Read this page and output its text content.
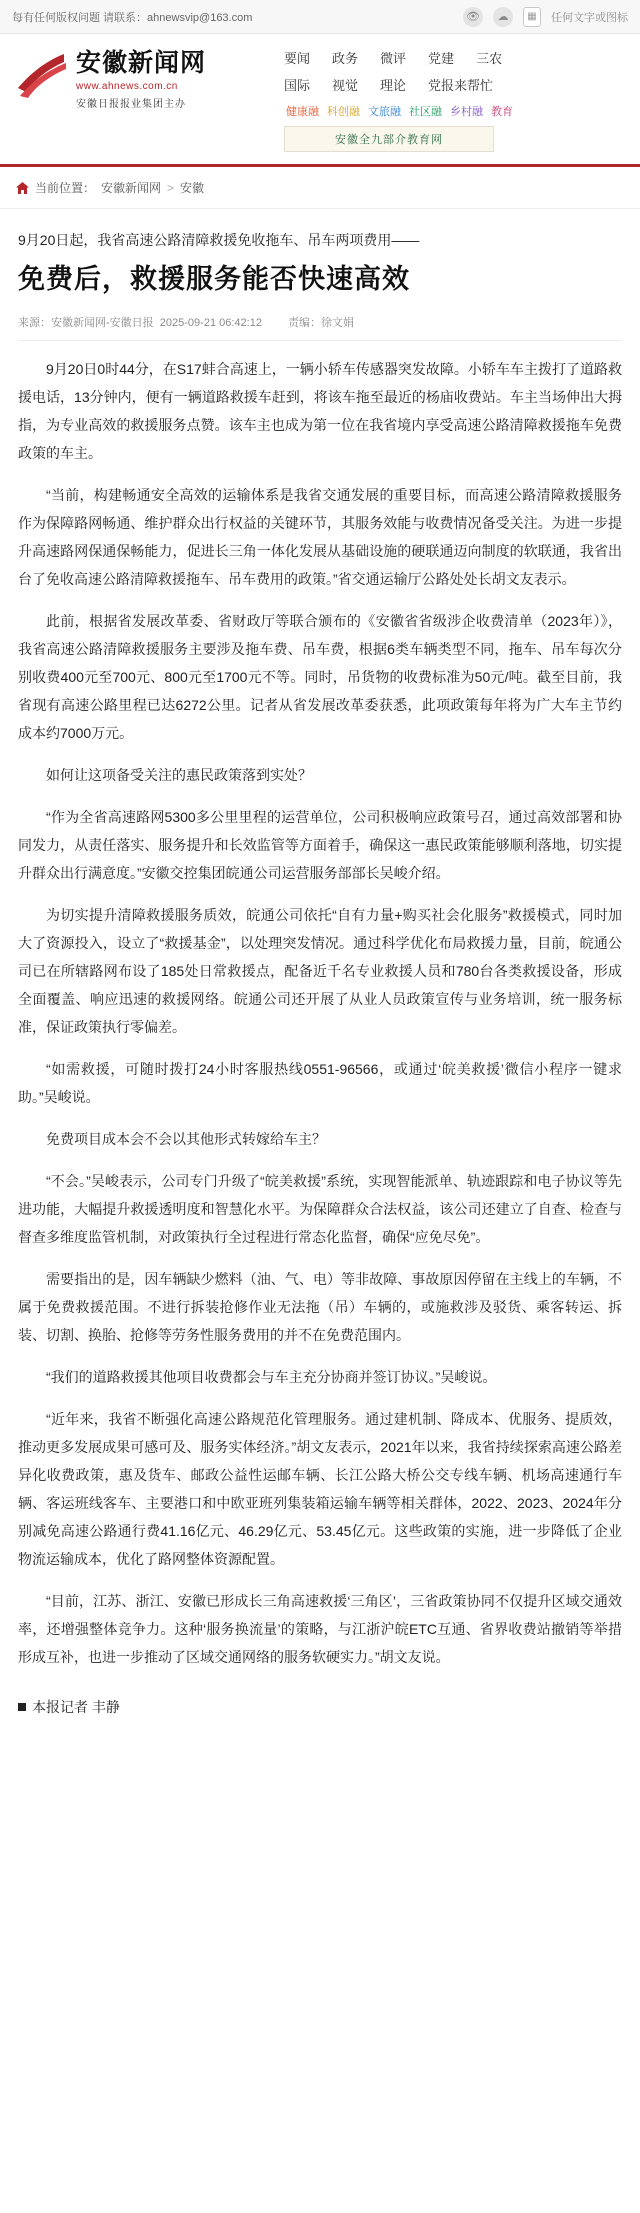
每有任何版权问题 请联系：ahnewsvip@163.com	👁	☁	▦	任何文字或图标
安徽新闻网
www.ahnews.com.cn
安徽日报报业集团主办
要闻 政务 微评 党建 三农
国际 视觉 理论 党报来帮忙
健康融 科创融 文旅融 社区融 乡村融 教育
安徽全九部介教育网
当前位置： 安徽新闻网 > 安徽
9月20日起，我省高速公路清障救援免收拖车、吊车两项费用——
免费后，救援服务能否快速高效
来源：安徽新闻网-安徽日报 2025-09-21 06:42:12 责编：徐文娟

9月20日0时44分，在S17蚌合高速上，一辆小轿车传感器突发故障。小轿车车主拨打了道路救援电话，13分钟内，便有一辆道路救援车赶到，将该车拖至最近的杨庙收费站。车主当场伸出大拇指，为专业高效的救援服务点赞。该车主也成为第一位在我省境内享受高速公路清障救援拖车免费政策的车主。

“当前，构建畅通安全高效的运输体系是我省交通发展的重要目标，而高速公路清障救援服务作为保障路网畅通、维护群众出行权益的关键环节，其服务效能与收费情况备受关注。为进一步提升高速路网保通保畅能力，促进长三角一体化发展从基础设施的硬联通迈向制度的软联通，我省出台了免收高速公路清障救援拖车、吊车费用的政策。”省交通运输厅公路处处长胡文友表示。

此前，根据省发展改革委、省财政厅等联合颁布的《安徽省省级涉企收费清单（2023年）》，我省高速公路清障救援服务主要涉及拖车费、吊车费，根据6类车辆类型不同，拖车、吊车每次分别收费400元至700元、800元至1700元不等。同时，吊货物的收费标准为50元/吨。截至目前，我省现有高速公路里程已达6272公里。记者从省发展改革委获悉，此项政策每年将为广大车主节约成本约7000万元。

如何让这项备受关注的惠民政策落到实处？

“作为全省高速路网5300多公里里程的运营单位，公司积极响应政策号召，通过高效部署和协同发力，从责任落实、服务提升和长效监管等方面着手，确保这一惠民政策能够顺利落地，切实提升群众出行满意度。”安徽交控集团皖通公司运营服务部部长吴峻介绍。

为切实提升清障救援服务质效，皖通公司依托“自有力量+购买社会化服务”救援模式，同时加大了资源投入，设立了“救援基金”，以处理突发情况。通过科学优化布局救援力量，目前，皖通公司已在所辖路网布设了185处日常救援点，配备近千名专业救援人员和780台各类救援设备，形成全面覆盖、响应迅速的救援网络。皖通公司还开展了从业人员政策宣传与业务培训，统一服务标准，保证政策执行零偏差。

“如需救援，可随时拨打24小时客服热线0551-96566，或通过‘皖美救援’微信小程序一键求助。”吴峻说。

免费项目成本会不会以其他形式转嫁给车主？

“不会。”吴峻表示，公司专门升级了“皖美救援”系统，实现智能派单、轨迹跟踪和电子协议等先进功能，大幅提升救援透明度和智慧化水平。为保障群众合法权益，该公司还建立了自查、检查与督查多维度监管机制，对政策执行全过程进行常态化监督，确保“应免尽免”。

需要指出的是，因车辆缺少燃料（油、气、电）等非故障、事故原因停留在主线上的车辆，不属于免费救援范围。不进行拆装抢修作业无法拖（吊）车辆的，或施救涉及驳货、乘客转运、拆装、切割、换胎、抢修等劳务性服务费用的并不在免费范围内。

“我们的道路救援其他项目收费都会与车主充分协商并签订协议。”吴峻说。

“近年来，我省不断强化高速公路规范化管理服务。通过建机制、降成本、优服务、提质效，推动更多发展成果可感可及、服务实体经济。”胡文友表示，2021年以来，我省持续探索高速公路差异化收费政策，惠及货车、邮政公益性运邮车辆、长江公路大桥公交专线车辆、机场高速通行车辆、客运班线客车、主要港口和中欧亚班列集装箱运输车辆等相关群体，2022、2023、2024年分别减免高速公路通行费41.16亿元、46.29亿元、53.45亿元。这些政策的实施，进一步降低了企业物流运输成本，优化了路网整体资源配置。

“目前，江苏、浙江、安徽已形成长三角高速救援‘三角区’，三省政策协同不仅提升区域交通效率，还增强整体竞争力。这种‘服务换流量’的策略，与江浙沪皖ETC互通、省界收费站撤销等举措形成互补，也进一步推动了区域交通网络的服务软硬实力。”胡文友说。

本报记者 丰静
